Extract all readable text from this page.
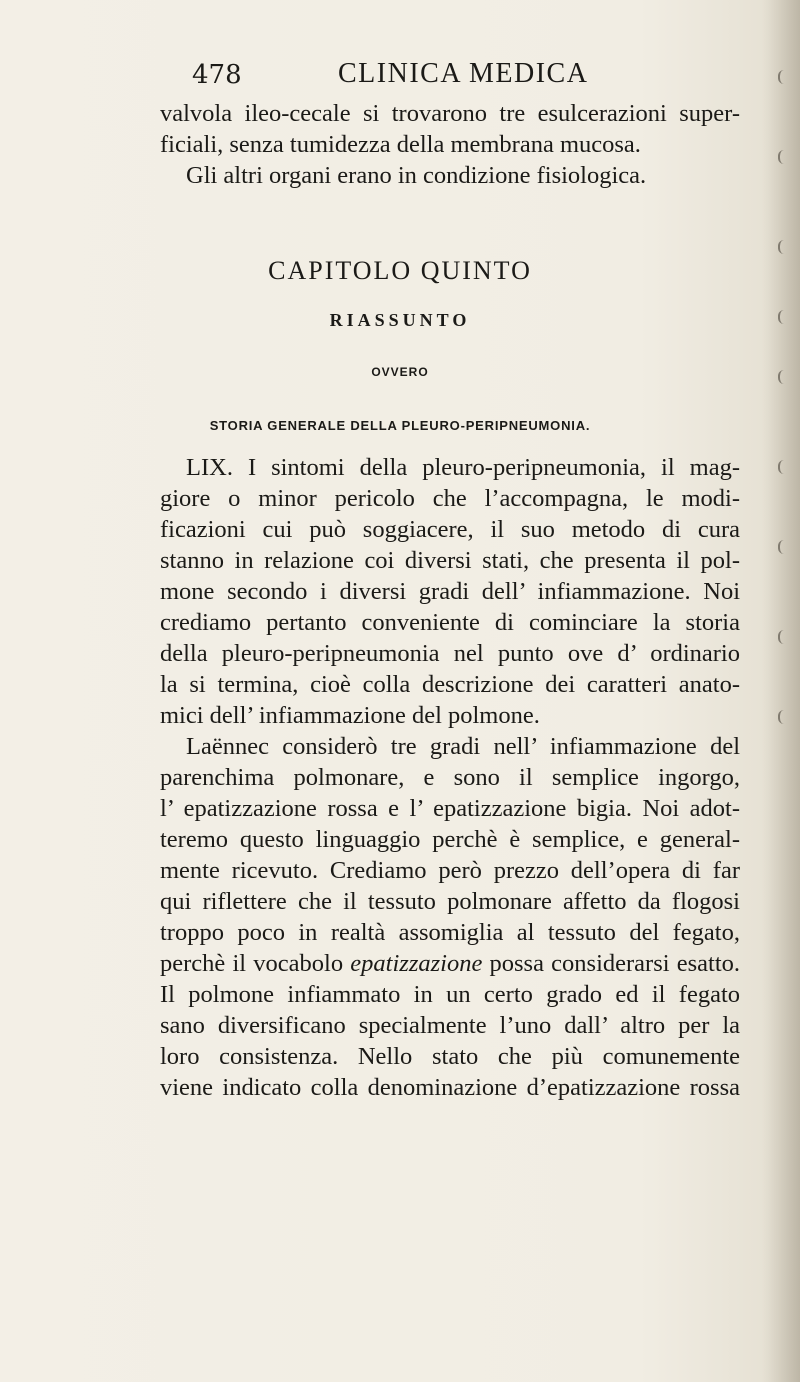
478	CLINICA MEDICA
valvola ileo-cecale si trovarono tre esulcerazioni super-
ficiali, senza tumidezza della membrana mucosa.
Gli altri organi erano in condizione fisiologica.
CAPITOLO QUINTO
RIASSUNTO
OVVERO
STORIA GENERALE DELLA PLEURO-PERIPNEUMONIA.
LIX. I sintomi della pleuro-peripneumonia, il mag-
giore o minor pericolo che l’accompagna, le modi-
ficazioni cui può soggiacere, il suo metodo di cura
stanno in relazione coi diversi stati, che presenta il pol-
mone secondo i diversi gradi dell’ infiammazione. Noi
crediamo pertanto conveniente di cominciare la storia
della pleuro-peripneumonia nel punto ove d’ ordinario
la si termina, cioè colla descrizione dei caratteri anato-
mici dell’ infiammazione del polmone.
Laënnec considerò tre gradi nell’ infiammazione del
parenchima polmonare, e sono il semplice ingorgo,
l’ epatizzazione rossa e l’ epatizzazione bigia. Noi adot-
teremo questo linguaggio perchè è semplice, e general-
mente ricevuto. Crediamo però prezzo dell’opera di far
qui riflettere che il tessuto polmonare affetto da flogosi
troppo poco in realtà assomiglia al tessuto del fegato,
perchè il vocabolo epatizzazione possa considerarsi esatto.
Il polmone infiammato in un certo grado ed il fegato
sano diversificano specialmente l’uno dall’ altro per la
loro consistenza. Nello stato che più comunemente
viene indicato colla denominazione d’epatizzazione rossa
